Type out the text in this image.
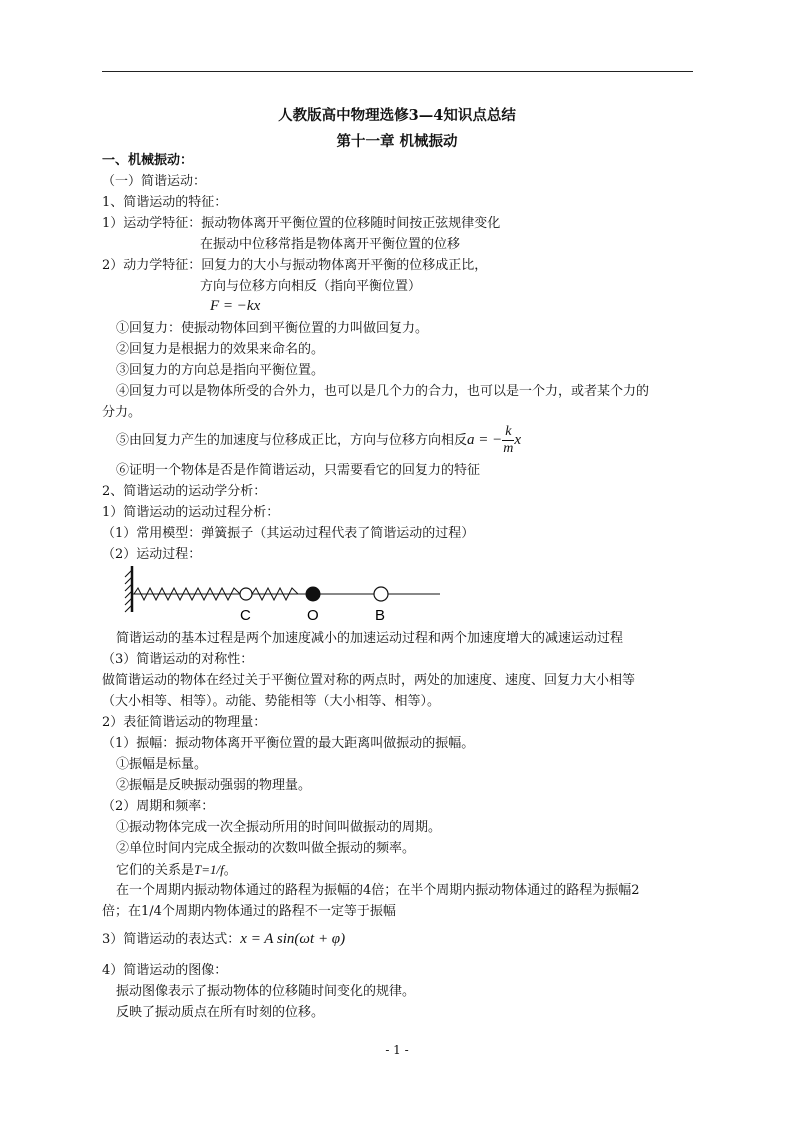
人教版高中物理选修3—4知识点总结
第十一章 机械振动
一、机械振动：
（一）简谐运动：
1、简谐运动的特征：
1）运动学特征：振动物体离开平衡位置的位移随时间按正弦规律变化
在振动中位移常指是物体离开平衡位置的位移
2）动力学特征：回复力的大小与振动物体离开平衡的位移成正比，
方向与位移方向相反（指向平衡位置）
F = −kx
①回复力：使振动物体回到平衡位置的力叫做回复力。
②回复力是根据力的效果来命名的。
③回复力的方向总是指向平衡位置。
④回复力可以是物体所受的合外力，也可以是几个力的合力，也可以是一个力，或者某个力的
分力。
⑤由回复力产生的加速度与位移成正比，方向与位移方向相反a = − $\frac{k}{m}$ x
⑥证明一个物体是否是作简谐运动，只需要看它的回复力的特征
2、简谐运动的运动学分析：
1）简谐运动的运动过程分析：
（1）常用模型：弹簧振子（其运动过程代表了简谐运动的过程）
（2）运动过程：
C	O	B
简谐运动的基本过程是两个加速度减小的加速运动过程和两个加速度增大的减速运动过程
（3）简谐运动的对称性：
做简谐运动的物体在经过关于平衡位置对称的两点时，两处的加速度、速度、回复力大小相等
（大小相等、相等）。动能、势能相等（大小相等、相等）。
2）表征简谐运动的物理量：
（1）振幅：振动物体离开平衡位置的最大距离叫做振动的振幅。
①振幅是标量。
②振幅是反映振动强弱的物理量。
（2）周期和频率：
①振动物体完成一次全振动所用的时间叫做振动的周期。
②单位时间内完成全振动的次数叫做全振动的频率。
它们的关系是T=1/f。
在一个周期内振动物体通过的路程为振幅的4倍；在半个周期内振动物体通过的路程为振幅2
倍；在1/4个周期内物体通过的路程不一定等于振幅
3）简谐运动的表达式：x = A sin(ωt + φ)
4）简谐运动的图像：
振动图像表示了振动物体的位移随时间变化的规律。
反映了振动质点在所有时刻的位移。
- 1 -
